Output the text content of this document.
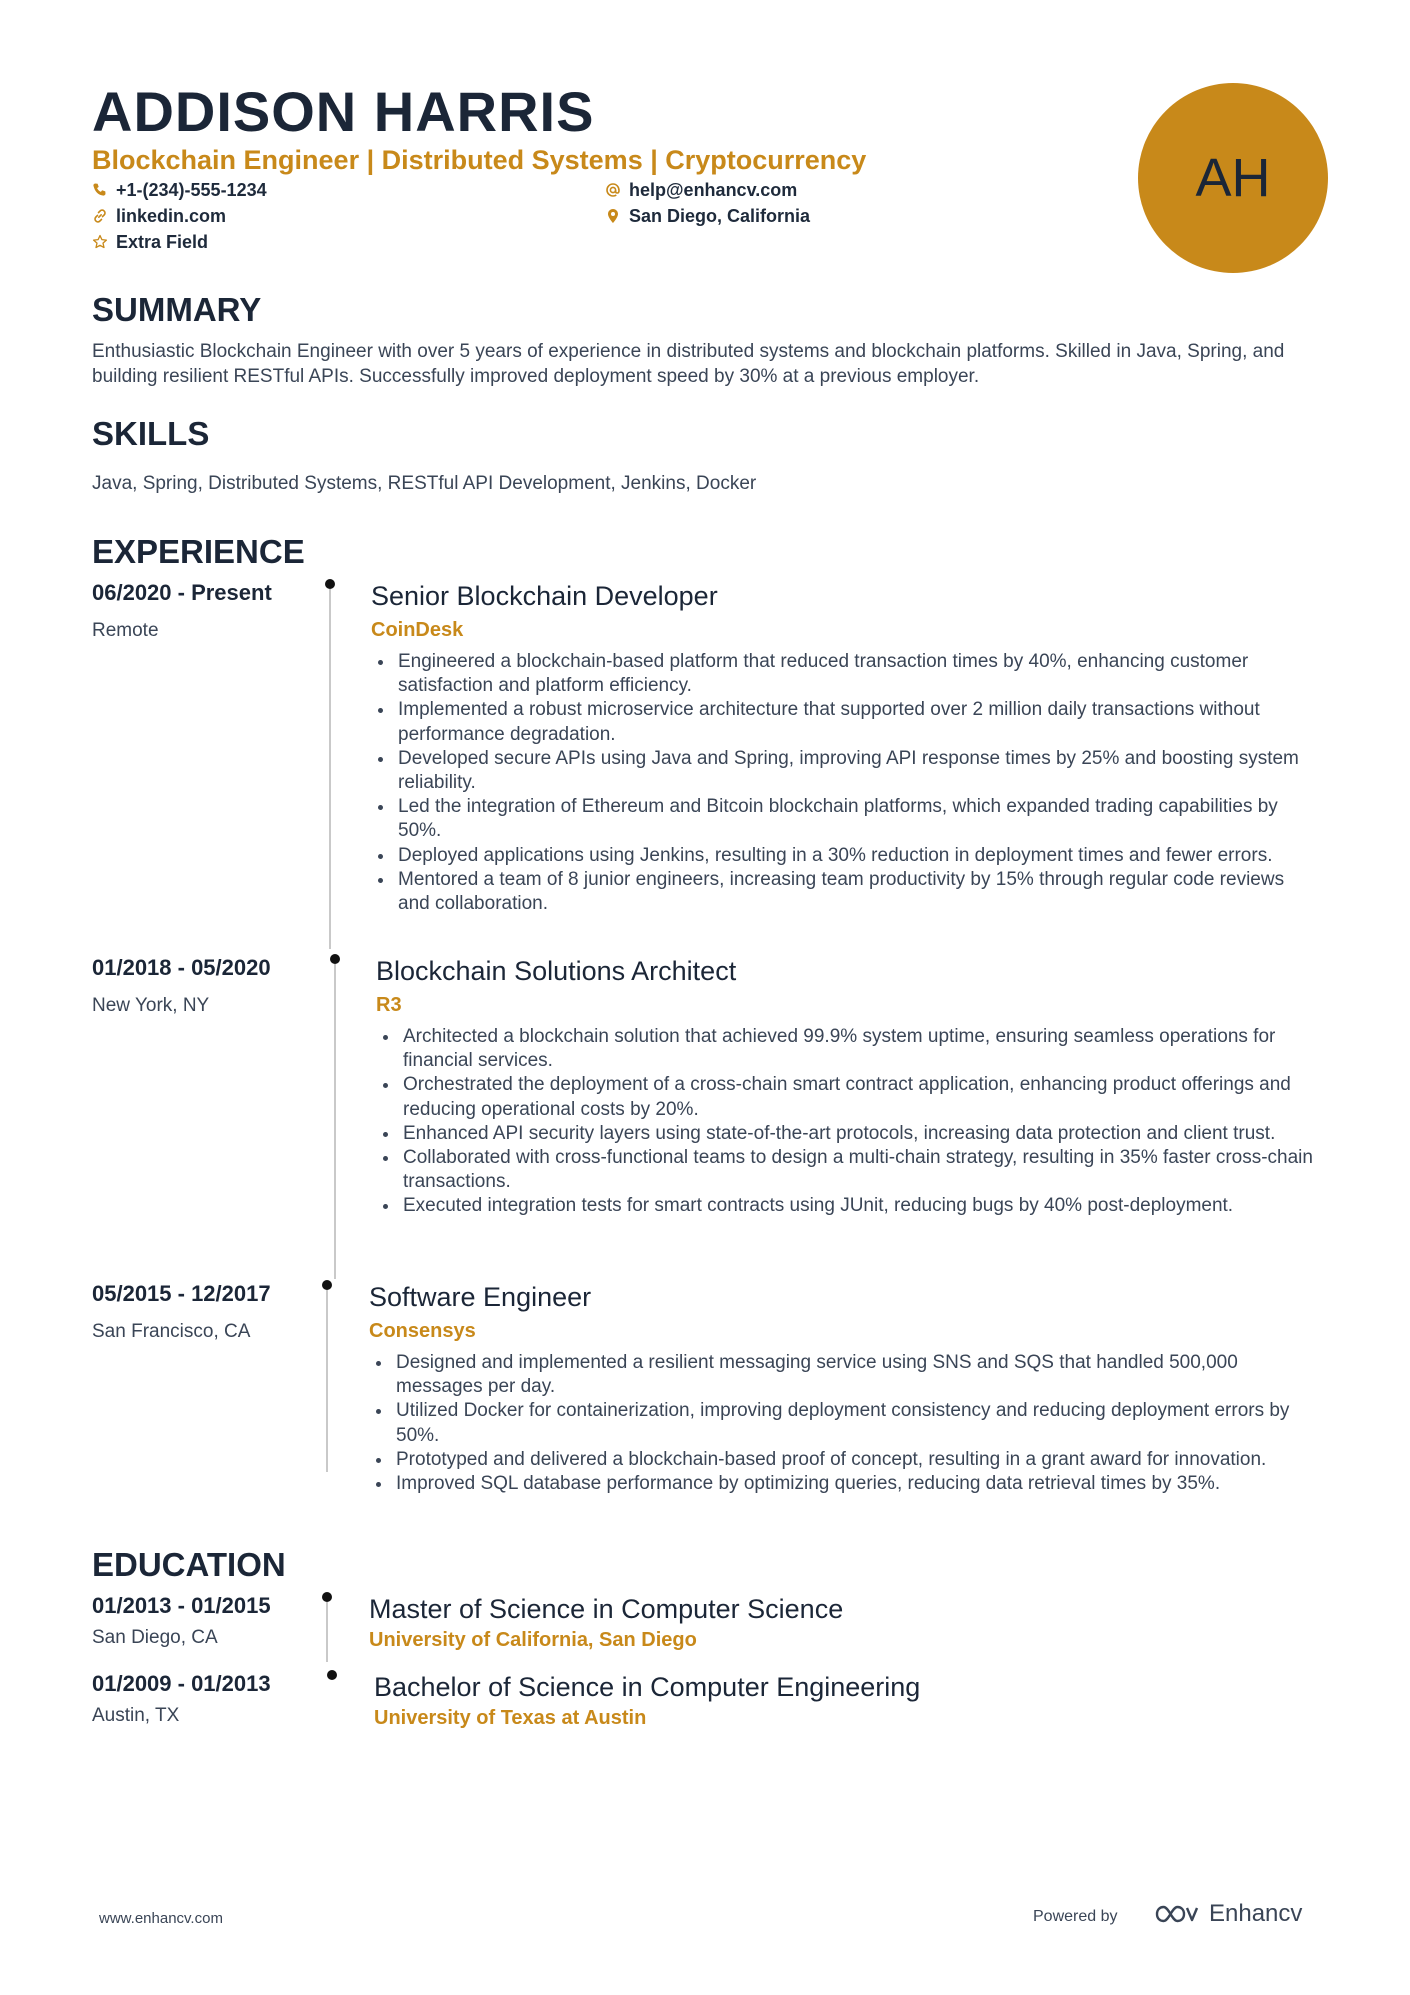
ADDISON HARRIS
Blockchain Engineer | Distributed Systems | Cryptocurrency
+1-(234)-555-1234	help@enhancv.com
linkedin.com	San Diego, California
Extra Field
AH
SUMMARY
Enthusiastic Blockchain Engineer with over 5 years of experience in distributed systems and blockchain platforms. Skilled in Java, Spring, and building resilient RESTful APIs. Successfully improved deployment speed by 30% at a previous employer.
SKILLS
Java, Spring, Distributed Systems, RESTful API Development, Jenkins, Docker
EXPERIENCE
06/2020 - Present
Remote
Senior Blockchain Developer
CoinDesk
Engineered a blockchain-based platform that reduced transaction times by 40%, enhancing customer satisfaction and platform efficiency.
Implemented a robust microservice architecture that supported over 2 million daily transactions without performance degradation.
Developed secure APIs using Java and Spring, improving API response times by 25% and boosting system reliability.
Led the integration of Ethereum and Bitcoin blockchain platforms, which expanded trading capabilities by 50%.
Deployed applications using Jenkins, resulting in a 30% reduction in deployment times and fewer errors.
Mentored a team of 8 junior engineers, increasing team productivity by 15% through regular code reviews and collaboration.
01/2018 - 05/2020
New York, NY
Blockchain Solutions Architect
R3
Architected a blockchain solution that achieved 99.9% system uptime, ensuring seamless operations for financial services.
Orchestrated the deployment of a cross-chain smart contract application, enhancing product offerings and reducing operational costs by 20%.
Enhanced API security layers using state-of-the-art protocols, increasing data protection and client trust.
Collaborated with cross-functional teams to design a multi-chain strategy, resulting in 35% faster cross-chain transactions.
Executed integration tests for smart contracts using JUnit, reducing bugs by 40% post-deployment.
05/2015 - 12/2017
San Francisco, CA
Software Engineer
Consensys
Designed and implemented a resilient messaging service using SNS and SQS that handled 500,000 messages per day.
Utilized Docker for containerization, improving deployment consistency and reducing deployment errors by 50%.
Prototyped and delivered a blockchain-based proof of concept, resulting in a grant award for innovation.
Improved SQL database performance by optimizing queries, reducing data retrieval times by 35%.
EDUCATION
01/2013 - 01/2015
San Diego, CA
Master of Science in Computer Science
University of California, San Diego
01/2009 - 01/2013
Austin, TX
Bachelor of Science in Computer Engineering
University of Texas at Austin
www.enhancv.com	Powered by	Enhancv
